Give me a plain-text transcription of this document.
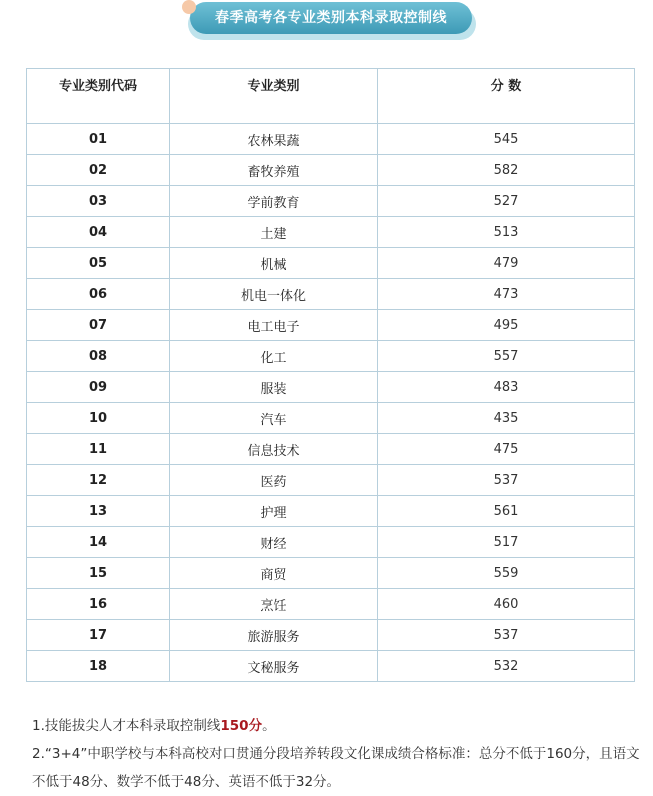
春季高考各专业类别本科录取控制线
专业类别代码	专业类别	分 数
01	农林果蔬	545
02	畜牧养殖	582
03	学前教育	527
04	土建	513
05	机械	479
06	机电一体化	473
07	电工电子	495
08	化工	557
09	服装	483
10	汽车	435
11	信息技术	475
12	医药	537
13	护理	561
14	财经	517
15	商贸	559
16	烹饪	460
17	旅游服务	537
18	文秘服务	532

1.技能拔尖人才本科录取控制线150分。

2.“3+4”中职学校与本科高校对口贯通分段培养转段文化课成绩合格标准：总分不低于160分，且语文不低于48分、数学不低于48分、英语不低于32分。
